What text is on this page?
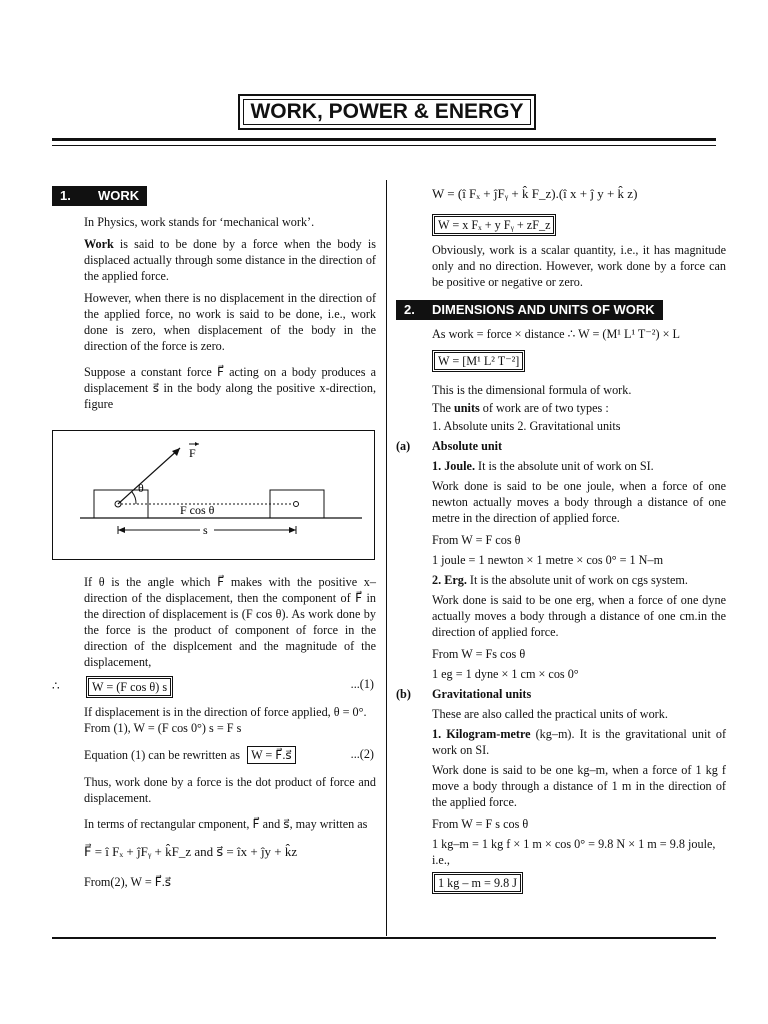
WORK, POWER & ENERGY
1. WORK

In Physics, work stands for ‘mechanical work’.

Work is said to be done by a force when the body is displaced actually through some distance in the direction of the applied force.

However, when there is no displacement in the direction of the applied force, no work is said to be done, i.e., work done is zero, when displacement of the body in the direction of the force is zero.

Suppose a constant force F⃗ acting on a body produces a displacement s⃗ in the body along the positive x-direction, figure

F
θ
F cos θ
s

If θ is the angle which F⃗ makes with the positive x–direction of the displacement, then the component of F⃗ in the direction of displacement is (F cos θ). As work done by the force is the product of component of force in the direction of the displcement and the magnitude of the displacement,

∴	W = (F cos θ) s	...(1)

If displacement is in the direction of force applied, θ = 0°.

From (1), W = (F cos 0°) s = F s

Equation (1) can be rewritten as W = F⃗.s⃗	...(2)

Thus, work done by a force is the dot product of force and displacement.

In terms of rectangular cmponent, F⃗ and s⃗, may written as

F⃗ = î Fₓ + ĵFᵧ + k̂F_z and s⃗ = îx + ĵy + k̂z

From(2), W = F⃗.s⃗

W = (î Fₓ + ĵFᵧ + k̂ F_z).(î x + ĵ y + k̂ z)

W = x Fₓ + y Fᵧ + zF_z

Obviously, work is a scalar quantity, i.e., it has magnitude only and no direction. However, work done by a force can be positive or negative or zero.

2. DIMENSIONS AND UNITS OF WORK

As work = force × distance ∴ W = (M¹ L¹ T⁻²) × L

W = [M¹ L² T⁻²]

This is the dimensional formula of work.

The units of work are of two types :

1. Absolute units 2. Gravitational units

(a) Absolute unit

1. Joule. It is the absolute unit of work on SI.

Work done is said to be one joule, when a force of one newton actually moves a body through a distance of one metre in the direction of applied force.

From W = F cos θ

1 joule = 1 newton × 1 metre × cos 0° = 1 N–m

2. Erg. It is the absolute unit of work on cgs system.

Work done is said to be one erg, when a force of one dyne actually moves a body through a distance of one cm.in the direction of applied force.

From W = Fs cos θ

1 eg = 1 dyne × 1 cm × cos 0°

(b) Gravitational units

These are also called the practical units of work.

1. Kilogram-metre (kg–m). It is the gravitational unit of work on SI.

Work done is said to be one kg–m, when a force of 1 kg f move a body through a distance of 1 m in the direction of the applied force.

From W = F s cos θ

1 kg–m = 1 kg f × 1 m × cos 0° = 9.8 N × 1 m = 9.8 joule, i.e.,

1 kg – m = 9.8 J
